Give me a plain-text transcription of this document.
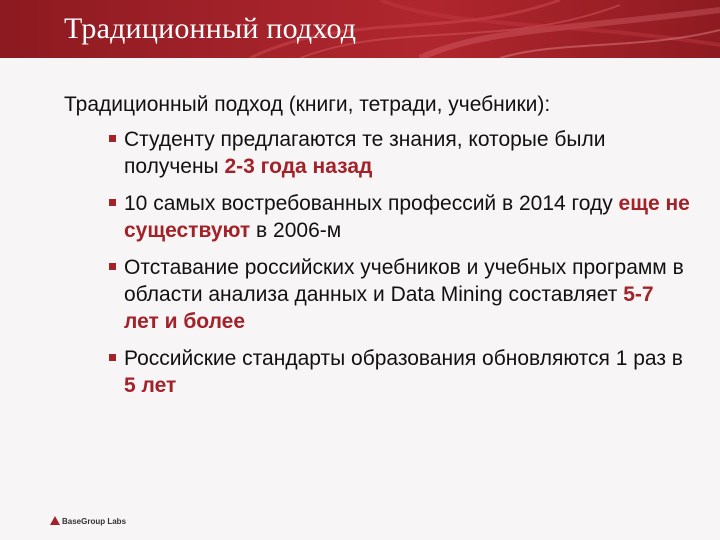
Традиционный подход

Традиционный подход (книги, тетради, учебники):

Студенту предлагаются те знания, которые были получены 2-3 года назад
10 самых востребованных профессий в 2014 году еще не существуют в 2006-м
Отставание российских учебников и учебных программ в области анализа данных и Data Mining составляет 5-7 лет и более
Российские стандарты образования обновляются 1 раз в 5 лет
BaseGroup Labs
